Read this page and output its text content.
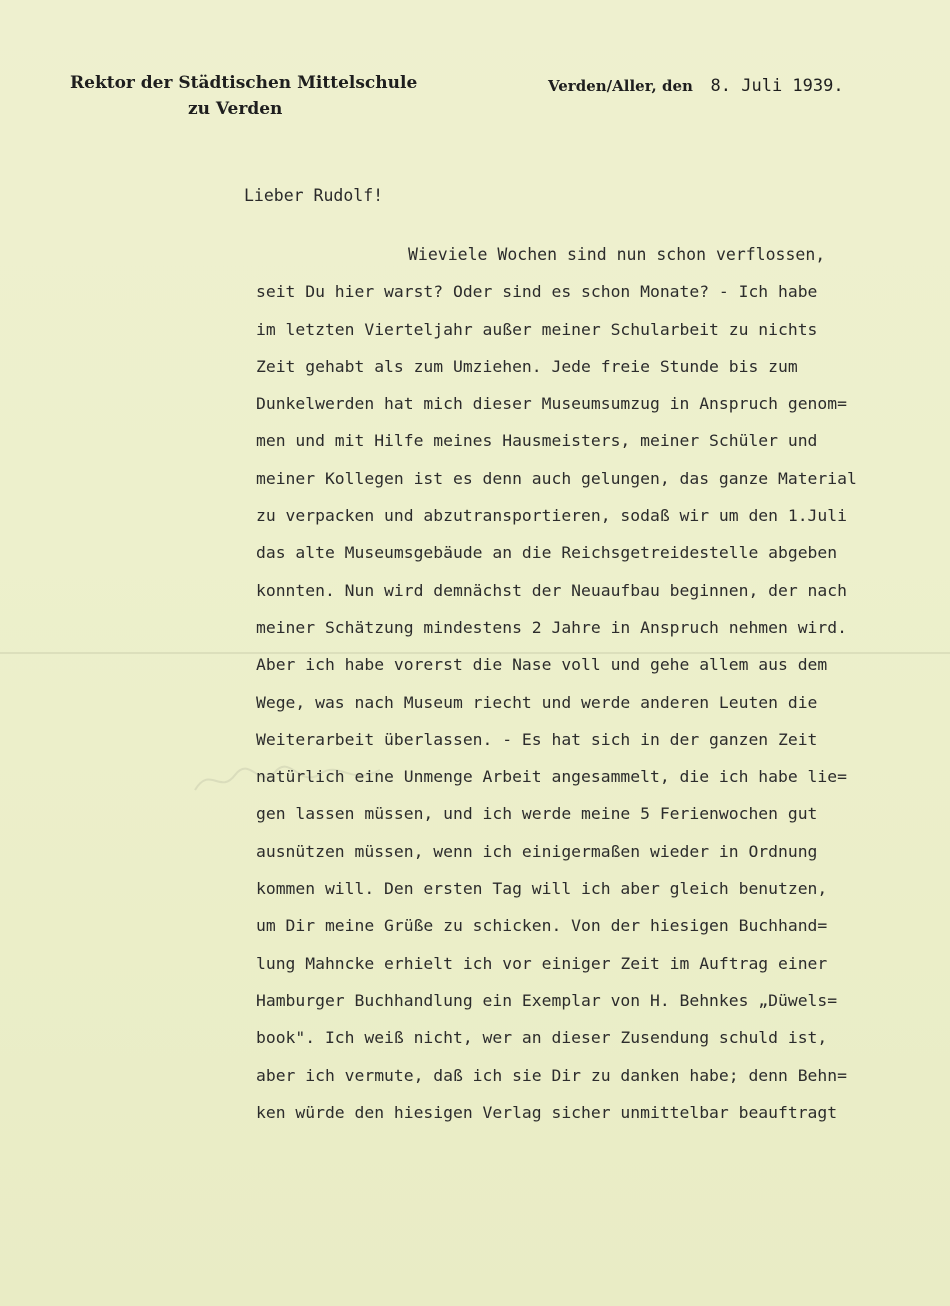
Rektor der Städtischen Mittelschule
zu Verden
Verden/Aller, den 8. Juli 1939.
Lieber Rudolf!
Wieviele Wochen sind nun schon verflossen,
seit Du hier warst? Oder sind es schon Monate? - Ich habe
im letzten Vierteljahr außer meiner Schularbeit zu nichts
Zeit gehabt als zum Umziehen. Jede freie Stunde bis zum
Dunkelwerden hat mich dieser Museumsumzug in Anspruch genom=
men und mit Hilfe meines Hausmeisters, meiner Schüler und
meiner Kollegen ist es denn auch gelungen, das ganze Material
zu verpacken und abzutransportieren, sodaß wir um den 1.Juli
das alte Museumsgebäude an die Reichsgetreidestelle abgeben
konnten. Nun wird demnächst der Neuaufbau beginnen, der nach
meiner Schätzung mindestens 2 Jahre in Anspruch nehmen wird.
Aber ich habe vorerst die Nase voll und gehe allem aus dem
Wege, was nach Museum riecht und werde anderen Leuten die
Weiterarbeit überlassen. - Es hat sich in der ganzen Zeit
natürlich eine Unmenge Arbeit angesammelt, die ich habe lie=
gen lassen müssen, und ich werde meine 5 Ferienwochen gut
ausnützen müssen, wenn ich einigermaßen wieder in Ordnung
kommen will. Den ersten Tag will ich aber gleich benutzen,
um Dir meine Grüße zu schicken. Von der hiesigen Buchhand=
lung Mahncke erhielt ich vor einiger Zeit im Auftrag einer
Hamburger Buchhandlung ein Exemplar von H. Behnkes „Düwels=
book". Ich weiß nicht, wer an dieser Zusendung schuld ist,
aber ich vermute, daß ich sie Dir zu danken habe; denn Behn=
ken würde den hiesigen Verlag sicher unmittelbar beauftragt
